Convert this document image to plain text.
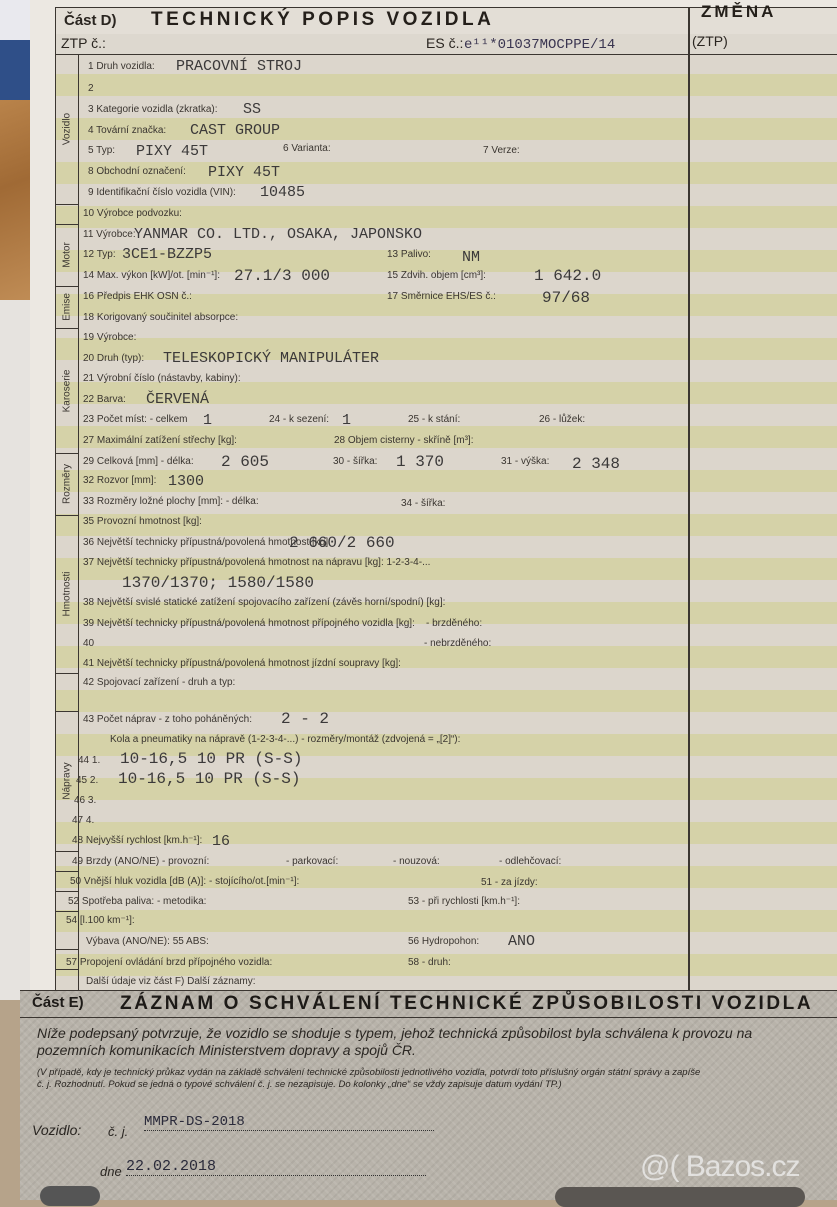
Část D) TECHNICKÝ POPIS VOZIDLA	ZMĚNA
ZTP č.:	ES č.: e¹¹*01037MOCPPE/14	(ZTP)
Vozidlo
Motor
Emise
Karoserie
Rozměry
Hmotnosti
Nápravy
1 Druh vozidla: PRACOVNÍ STROJ
2
3 Kategorie vozidla (zkratka): SS
4 Tovární značka: CAST GROUP
5 Typ: PIXY 45T	6 Varianta:	7 Verze:
8 Obchodní označení: PIXY 45T
9 Identifikační číslo vozidla (VIN): 10485
10 Výrobce podvozku:
11 Výrobce:
YANMAR CO. LTD., OSAKA, JAPONSKO
12 Typ: 3CE1-BZZP5	13 Palivo: NM
14 Max. výkon [kW]/ot. [min⁻¹]: 27.1/3 000	15 Zdvih. objem [cm³]:	1 642.0
16 Předpis EHK OSN č.:	17 Směrnice EHS/ES č.:	97/68
18 Korigovaný součinitel absorpce:
19 Výrobce:
20 Druh (typ): TELESKOPICKÝ MANIPULÁTER
21 Výrobní číslo (nástavby, kabiny):
22 Barva: ČERVENÁ
23 Počet míst: - celkem 1	24 - k sezení: 1	25 - k stání:	26 - lůžek:
27 Maximální zatížení střechy [kg]:	28 Objem cisterny - skříně [m³]:
29 Celková [mm] - délka: 2 605	30 - šířka: 1 370	31 - výška: 2 348
32 Rozvor [mm]: 1300
33 Rozměry ložné plochy [mm]: - délka:	34 - šířka:
35 Provozní hmotnost [kg]:
36 Největší technicky přípustná/povolená hmotnost [kg]:
2 660/2 660
37 Největší technicky přípustná/povolená hmotnost na nápravu [kg]: 1-2-3-4-...
1370/1370; 1580/1580
38 Největší svislé statické zatížení spojovacího zařízení (závěs horní/spodní) [kg]:
39 Největší technicky přípustná/povolená hmotnost přípojného vozidla [kg]: - brzděného:
40	- nebrzděného:
41 Největší technicky přípustná/povolená hmotnost jízdní soupravy [kg]:
42 Spojovací zařízení - druh a typ:
43 Počet náprav - z toho poháněných: 2 - 2
Kola a pneumatiky na nápravě (1-2-3-4-...) - rozměry/montáž (zdvojená = „[2]“):
44 1. 10-16,5 10 PR (S-S)
45 2. 10-16,5 10 PR (S-S)
46 3.
47 4.
48 Nejvyšší rychlost [km.h⁻¹]: 16
49 Brzdy (ANO/NE) - provozní:	- parkovací:	- nouzová:	- odlehčovací:
50 Vnější hluk vozidla [dB (A)]: - stojícího/ot.[min⁻¹]:	51 - za jízdy:
52 Spotřeba paliva: - metodika:	53 - při rychlosti [km.h⁻¹]:
54 [l.100 km⁻¹]:
Výbava (ANO/NE): 55 ABS:	56 Hydropohon: ANO
57 Propojení ovládání brzd přípojného vozidla:	58 - druh:
Další údaje viz část F) Další záznamy:
Část E) ZÁZNAM O SCHVÁLENÍ TECHNICKÉ ZPŮSOBILOSTI VOZIDLA
Níže podepsaný potvrzuje, že vozidlo se shoduje s typem, jehož technická způsobilost byla schválena k provozu na
pozemních komunikacích Ministerstvem dopravy a spojů ČR.
(V případě, kdy je technický průkaz vydán na základě schválení technické způsobilosti jednotlivého vozidla, potvrdí toto příslušný orgán státní správy a zapíše
č. j. Rozhodnutí. Pokud se jedná o typové schválení č. j. se nezapisuje. Do kolonky „dne“ se vždy zapisuje datum vydání TP.)
Vozidlo: č. j.
MMPR-DS-2018
dne 22.02.2018	@( Bazos.cz
